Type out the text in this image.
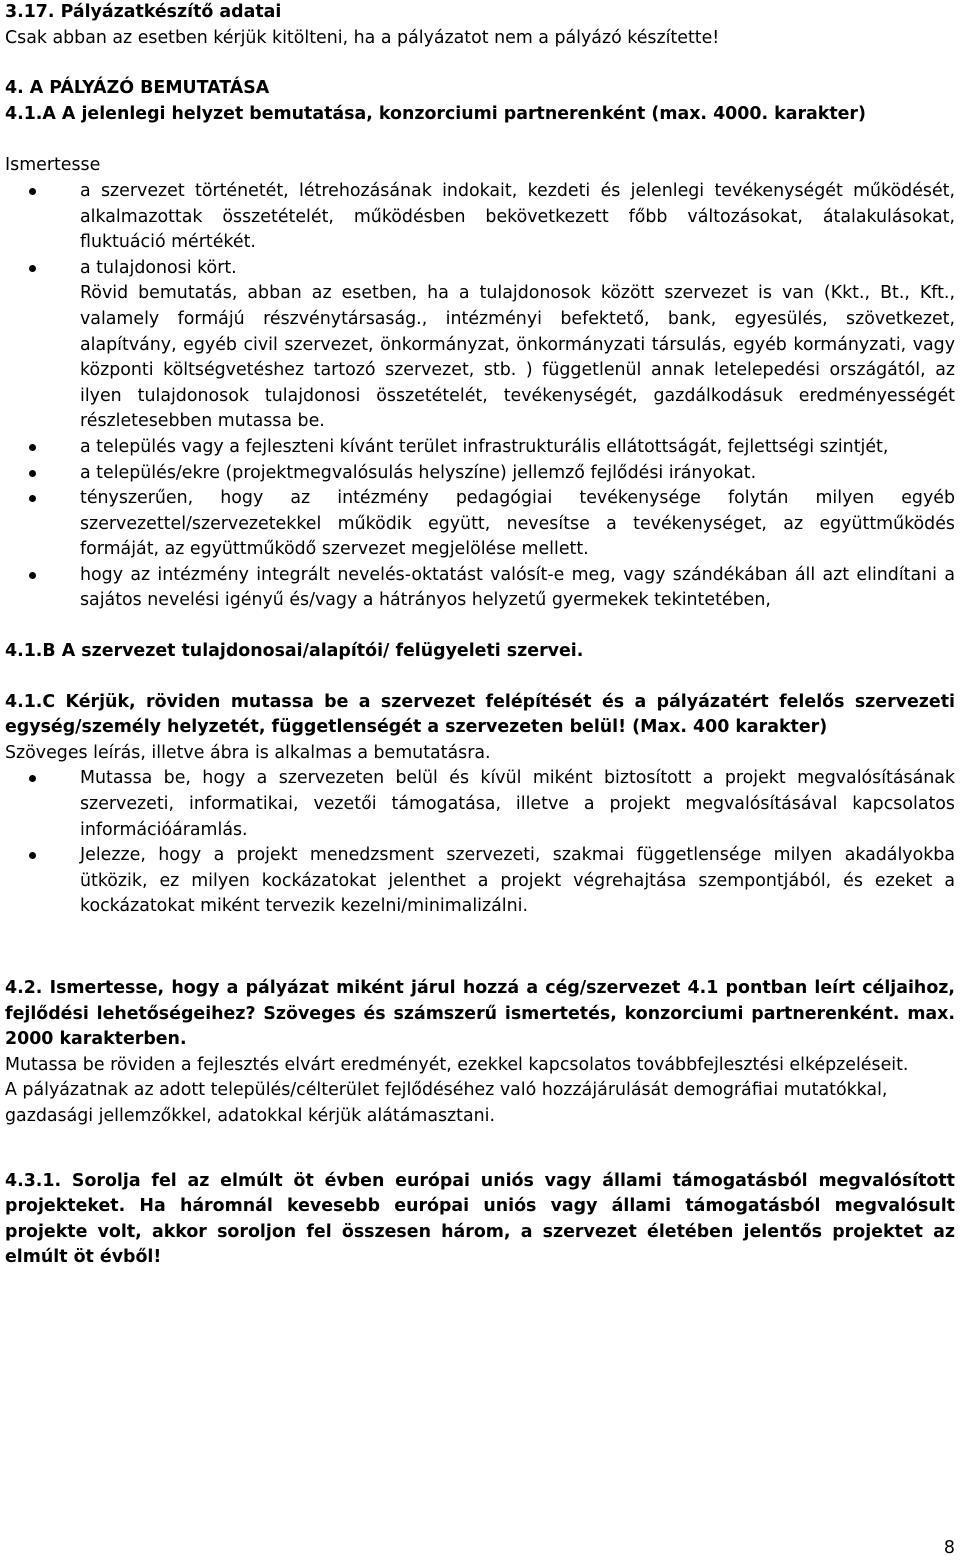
3.17. Pályázatkészítő adatai

Csak abban az esetben kérjük kitölteni, ha a pályázatot nem a pályázó készítette!

4. A PÁLYÁZÓ BEMUTATÁSA

4.1.A A jelenlegi helyzet bemutatása, konzorciumi partnerenként (max. 4000. karakter)

Ismertesse

a szervezet történetét, létrehozásának indokait, kezdeti és jelenlegi tevékenységét működését, alkalmazottak összetételét, működésben bekövetkezett főbb változásokat, átalakulásokat, fluktuáció mértékét.
a tulajdonosi kört.

Rövid bemutatás, abban az esetben, ha a tulajdonosok között szervezet is van (Kkt., Bt., Kft., valamely formájú részvénytársaság., intézményi befektető, bank, egyesülés, szövetkezet, alapítvány, egyéb civil szervezet, önkormányzat, önkormányzati társulás, egyéb kormányzati, vagy központi költségvetéshez tartozó szervezet, stb. ) függetlenül annak letelepedési országától, az ilyen tulajdonosok tulajdonosi összetételét, tevékenységét, gazdálkodásuk eredményességét részletesebben mutassa be.

a település vagy a fejleszteni kívánt terület infrastrukturális ellátottságát, fejlettségi szintjét,
a település/ekre (projektmegvalósulás helyszíne) jellemző fejlődési irányokat.
tényszerűen, hogy az intézmény pedagógiai tevékenysége folytán milyen egyéb szervezettel/szervezetekkel működik együtt, nevesítse a tevékenységet, az együttműködés formáját, az együttműködő szervezet megjelölése mellett.
hogy az intézmény integrált nevelés-oktatást valósít-e meg, vagy szándékában áll azt elindítani a sajátos nevelési igényű és/vagy a hátrányos helyzetű gyermekek tekintetében,

4.1.B A szervezet tulajdonosai/alapítói/ felügyeleti szervei.

4.1.C Kérjük, röviden mutassa be a szervezet felépítését és a pályázatért felelős szervezeti egység/személy helyzetét, függetlenségét a szervezeten belül! (Max. 400 karakter)

Szöveges leírás, illetve ábra is alkalmas a bemutatásra.

Mutassa be, hogy a szervezeten belül és kívül miként biztosított a projekt megvalósításának szervezeti, informatikai, vezetői támogatása, illetve a projekt megvalósításával kapcsolatos információáramlás.
Jelezze, hogy a projekt menedzsment szervezeti, szakmai függetlensége milyen akadályokba ütközik, ez milyen kockázatokat jelenthet a projekt végrehajtása szempontjából, és ezeket a kockázatokat miként tervezik kezelni/minimalizálni.

4.2. Ismertesse, hogy a pályázat miként járul hozzá a cég/szervezet 4.1 pontban leírt céljaihoz, fejlődési lehetőségeihez? Szöveges és számszerű ismertetés, konzorciumi partnerenként. max. 2000 karakterben.

Mutassa be röviden a fejlesztés elvárt eredményét, ezekkel kapcsolatos továbbfejlesztési elképzeléseit.

A pályázatnak az adott település/célterület fejlődéséhez való hozzájárulását demográfiai mutatókkal, gazdasági jellemzőkkel, adatokkal kérjük alátámasztani.

4.3.1. Sorolja fel az elmúlt öt évben európai uniós vagy állami támogatásból megvalósított projekteket. Ha háromnál kevesebb európai uniós vagy állami támogatásból megvalósult projekte volt, akkor soroljon fel összesen három, a szervezet életében jelentős projektet az elmúlt öt évből!

8
